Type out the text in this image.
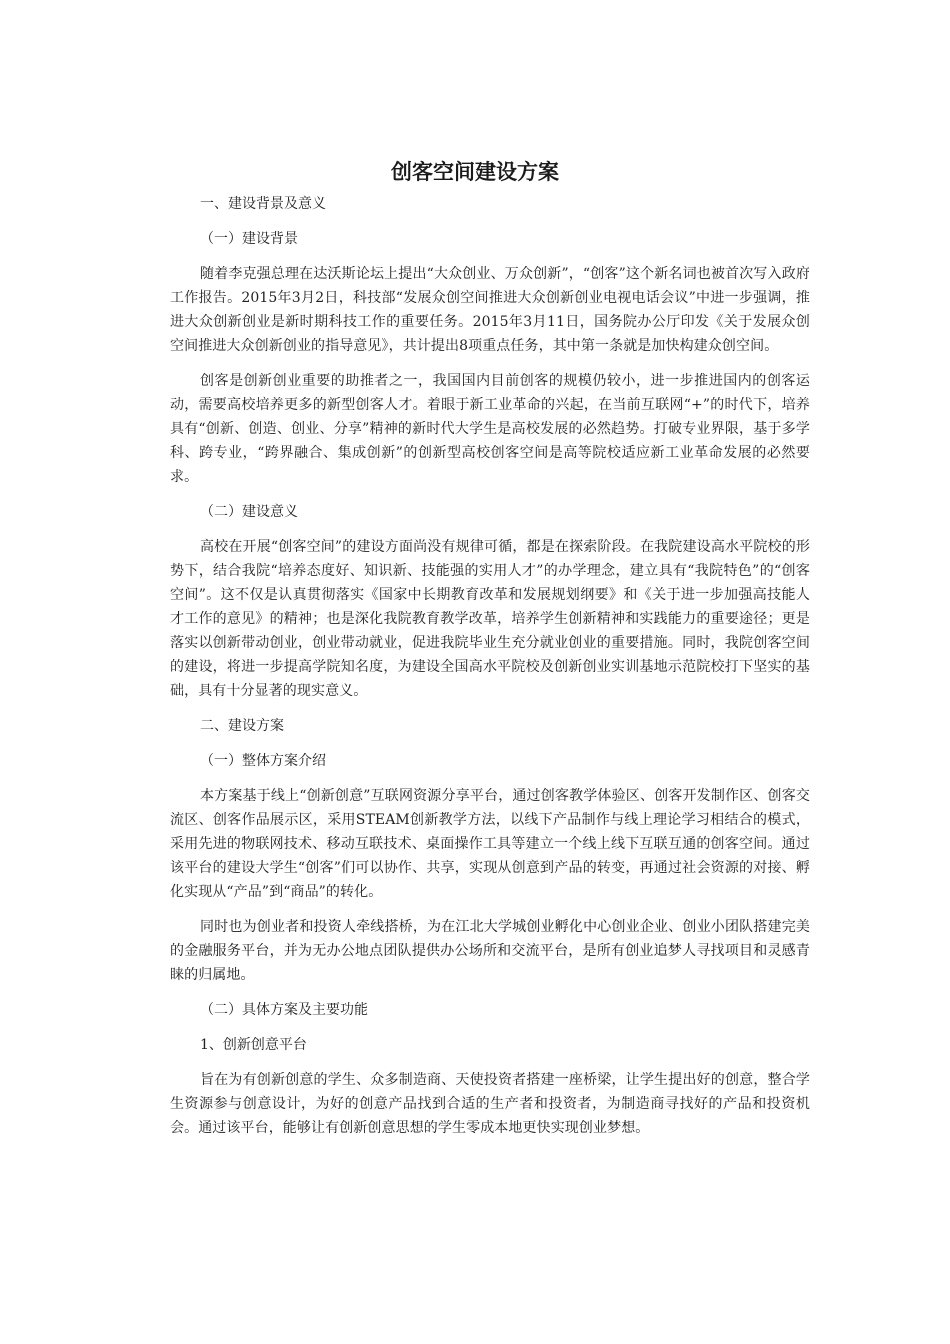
创客空间建设方案

一、建设背景及意义

（一）建设背景

随着李克强总理在达沃斯论坛上提出“大众创业、万众创新”，“创客”这个新名词也被首次写入政府工作报告。2015年3月2日，科技部“发展众创空间推进大众创新创业电视电话会议”中进一步强调，推进大众创新创业是新时期科技工作的重要任务。2015年3月11日，国务院办公厅印发《关于发展众创空间推进大众创新创业的指导意见》，共计提出8项重点任务，其中第一条就是加快构建众创空间。

创客是创新创业重要的助推者之一，我国国内目前创客的规模仍较小，进一步推进国内的创客运动，需要高校培养更多的新型创客人才。着眼于新工业革命的兴起，在当前互联网“+”的时代下，培养具有“创新、创造、创业、分享”精神的新时代大学生是高校发展的必然趋势。打破专业界限，基于多学科、跨专业，“跨界融合、集成创新”的创新型高校创客空间是高等院校适应新工业革命发展的必然要求。

（二）建设意义

高校在开展“创客空间”的建设方面尚没有规律可循，都是在探索阶段。在我院建设高水平院校的形势下，结合我院“培养态度好、知识新、技能强的实用人才”的办学理念，建立具有“我院特色”的“创客空间”。这不仅是认真贯彻落实《国家中长期教育改革和发展规划纲要》和《关于进一步加强高技能人才工作的意见》的精神；也是深化我院教育教学改革，培养学生创新精神和实践能力的重要途径；更是落实以创新带动创业，创业带动就业，促进我院毕业生充分就业创业的重要措施。同时，我院创客空间的建设，将进一步提高学院知名度，为建设全国高水平院校及创新创业实训基地示范院校打下坚实的基础，具有十分显著的现实意义。

二、建设方案

（一）整体方案介绍

本方案基于线上“创新创意”互联网资源分享平台，通过创客教学体验区、创客开发制作区、创客交流区、创客作品展示区，采用STEAM创新教学方法，以线下产品制作与线上理论学习相结合的模式，采用先进的物联网技术、移动互联技术、桌面操作工具等建立一个线上线下互联互通的创客空间。通过该平台的建设大学生“创客”们可以协作、共享，实现从创意到产品的转变，再通过社会资源的对接、孵化实现从“产品”到“商品”的转化。

同时也为创业者和投资人牵线搭桥，为在江北大学城创业孵化中心创业企业、创业小团队搭建完美的金融服务平台，并为无办公地点团队提供办公场所和交流平台，是所有创业追梦人寻找项目和灵感青睐的归属地。

（二）具体方案及主要功能

1、创新创意平台

旨在为有创新创意的学生、众多制造商、天使投资者搭建一座桥梁，让学生提出好的创意，整合学生资源参与创意设计，为好的创意产品找到合适的生产者和投资者，为制造商寻找好的产品和投资机会。通过该平台，能够让有创新创意思想的学生零成本地更快实现创业梦想。
